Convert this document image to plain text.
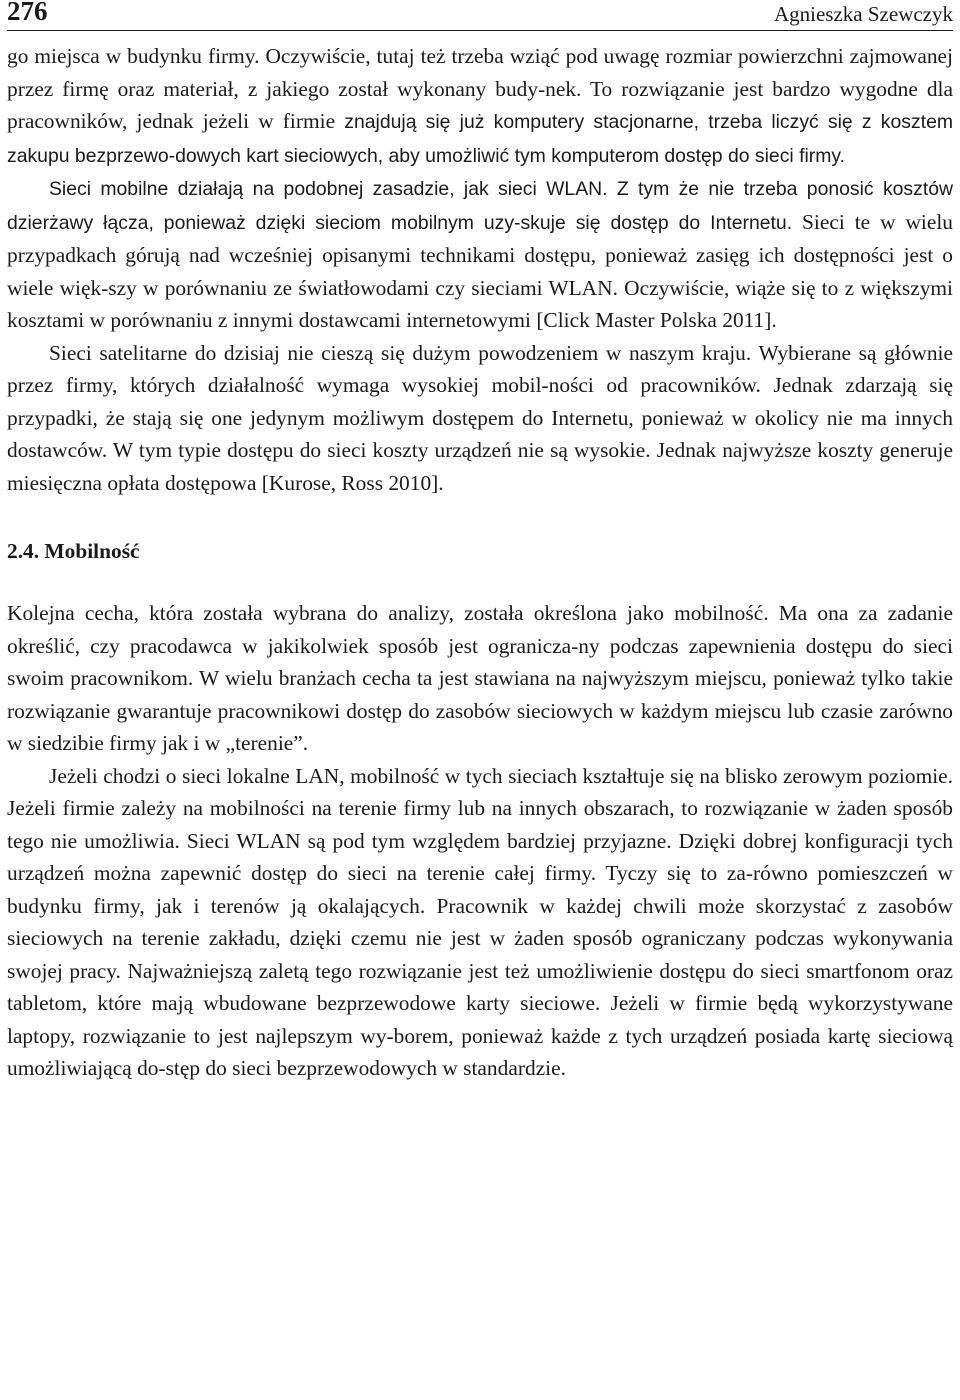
276	Agnieszka Szewczyk

go miejsca w budynku firmy. Oczywiście, tutaj też trzeba wziąć pod uwagę rozmiar powierzchni zajmowanej przez firmę oraz materiał, z jakiego został wykonany budy-nek. To rozwiązanie jest bardzo wygodne dla pracowników, jednak jeżeli w firmie znajdują się już komputery stacjonarne, trzeba liczyć się z kosztem zakupu bezprzewo-dowych kart sieciowych, aby umożliwić tym komputerom dostęp do sieci firmy.

Sieci mobilne działają na podobnej zasadzie, jak sieci WLAN. Z tym że nie trzeba ponosić kosztów dzierżawy łącza, ponieważ dzięki sieciom mobilnym uzy-skuje się dostęp do Internetu. Sieci te w wielu przypadkach górują nad wcześniej opisanymi technikami dostępu, ponieważ zasięg ich dostępności jest o wiele więk-szy w porównaniu ze światłowodami czy sieciami WLAN. Oczywiście, wiąże się to z większymi kosztami w porównaniu z innymi dostawcami internetowymi [Click Master Polska 2011].

Sieci satelitarne do dzisiaj nie cieszą się dużym powodzeniem w naszym kraju. Wybierane są głównie przez firmy, których działalność wymaga wysokiej mobil-ności od pracowników. Jednak zdarzają się przypadki, że stają się one jedynym możliwym dostępem do Internetu, ponieważ w okolicy nie ma innych dostawców. W tym typie dostępu do sieci koszty urządzeń nie są wysokie. Jednak najwyższe koszty generuje miesięczna opłata dostępowa [Kurose, Ross 2010].

2.4. Mobilność

Kolejna cecha, która została wybrana do analizy, została określona jako mobilność. Ma ona za zadanie określić, czy pracodawca w jakikolwiek sposób jest ogranicza-ny podczas zapewnienia dostępu do sieci swoim pracownikom. W wielu branżach cecha ta jest stawiana na najwyższym miejscu, ponieważ tylko takie rozwiązanie gwarantuje pracownikowi dostęp do zasobów sieciowych w każdym miejscu lub czasie zarówno w siedzibie firmy jak i w „terenie”.

Jeżeli chodzi o sieci lokalne LAN, mobilność w tych sieciach kształtuje się na blisko zerowym poziomie. Jeżeli firmie zależy na mobilności na terenie firmy lub na innych obszarach, to rozwiązanie w żaden sposób tego nie umożliwia. Sieci WLAN są pod tym względem bardziej przyjazne. Dzięki dobrej konfiguracji tych urządzeń można zapewnić dostęp do sieci na terenie całej firmy. Tyczy się to za-równo pomieszczeń w budynku firmy, jak i terenów ją okalających. Pracownik w każdej chwili może skorzystać z zasobów sieciowych na terenie zakładu, dzięki czemu nie jest w żaden sposób ograniczany podczas wykonywania swojej pracy. Najważniejszą zaletą tego rozwiązanie jest też umożliwienie dostępu do sieci smartfonom oraz tabletom, które mają wbudowane bezprzewodowe karty sieciowe. Jeżeli w firmie będą wykorzystywane laptopy, rozwiązanie to jest najlepszym wy-borem, ponieważ każde z tych urządzeń posiada kartę sieciową umożliwiającą do-stęp do sieci bezprzewodowych w standardzie.
